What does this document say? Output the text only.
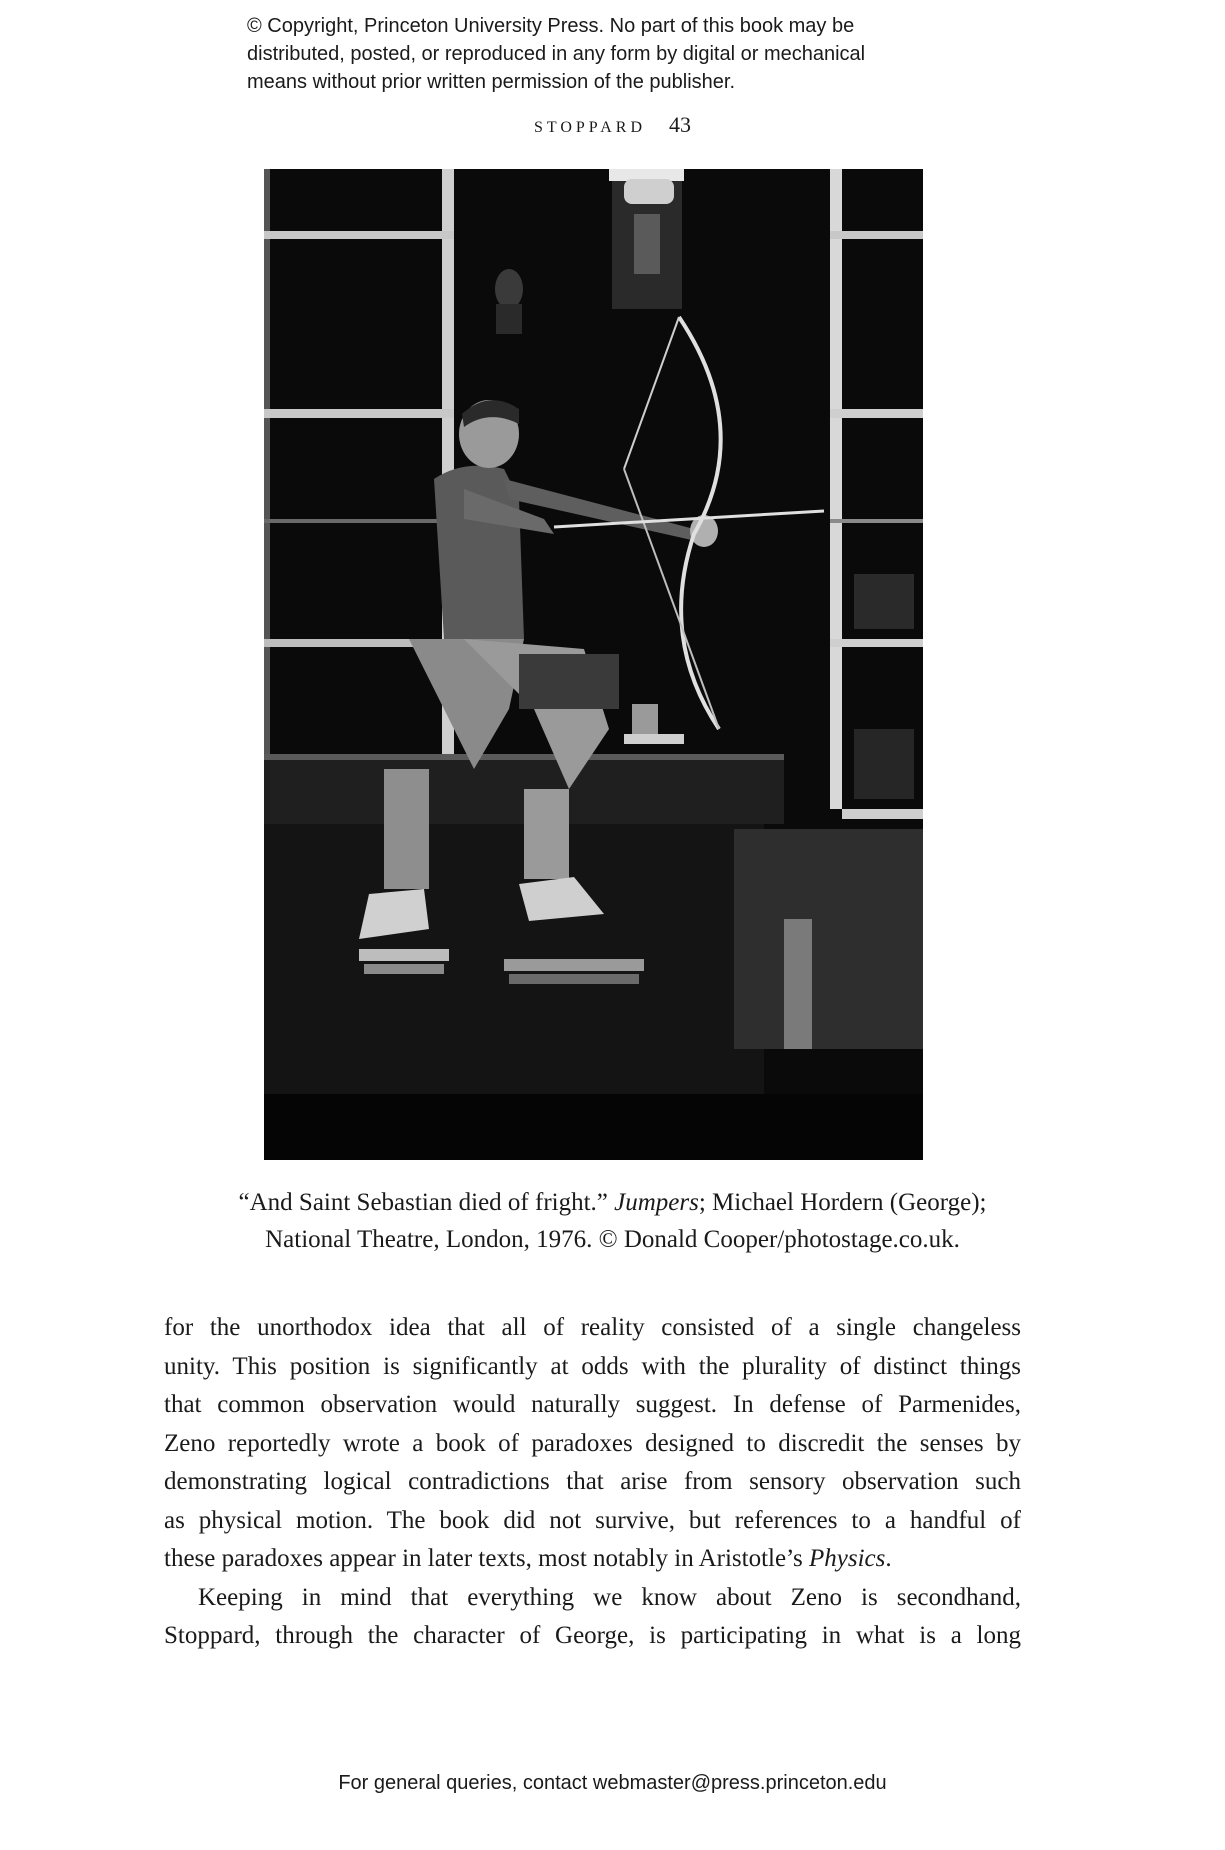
© Copyright, Princeton University Press. No part of this book may be
distributed, posted, or reproduced in any form by digital or mechanical
means without prior written permission of the publisher.
STOPPARD 43
“And Saint Sebastian died of fright.” Jumpers; Michael Hordern (George);
National Theatre, London, 1976. © Donald Cooper/photostage.co.uk.
for the unorthodox idea that all of reality consisted of a single changeless
unity. This position is significantly at odds with the plurality of distinct things
that common observation would naturally suggest. In defense of Parmenides,
Zeno reportedly wrote a book of paradoxes designed to discredit the senses by
demonstrating logical contradictions that arise from sensory observation such
as physical motion. The book did not survive, but references to a handful of
these paradoxes appear in later texts, most notably in Aristotle’s Physics.
Keeping in mind that everything we know about Zeno is secondhand,
Stoppard, through the character of George, is participating in what is a long
For general queries, contact webmaster@press.princeton.edu
